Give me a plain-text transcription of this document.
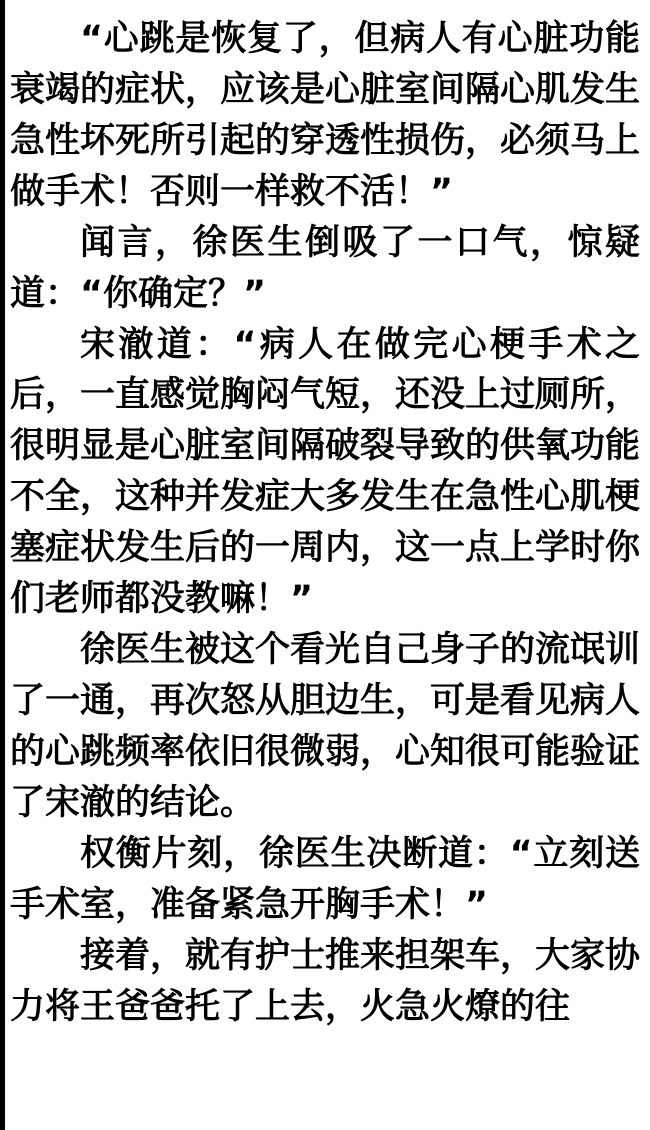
“心跳是恢复了，但病人有心脏功能衰竭的症状，应该是心脏室间隔心肌发生急性坏死所引起的穿透性损伤，必须马上做手术！否则一样救不活！”

闻言，徐医生倒吸了一口气，惊疑道：“你确定？”

宋澈道：“病人在做完心梗手术之后，一直感觉胸闷气短，还没上过厕所，很明显是心脏室间隔破裂导致的供氧功能不全，这种并发症大多发生在急性心肌梗塞症状发生后的一周内，这一点上学时你们老师都没教嘛！”

徐医生被这个看光自己身子的流氓训了一通，再次怒从胆边生，可是看见病人的心跳频率依旧很微弱，心知很可能验证了宋澈的结论。

权衡片刻，徐医生决断道：“立刻送手术室，准备紧急开胸手术！”

接着，就有护士推来担架车，大家协力将王爸爸托了上去，火急火燎的往
